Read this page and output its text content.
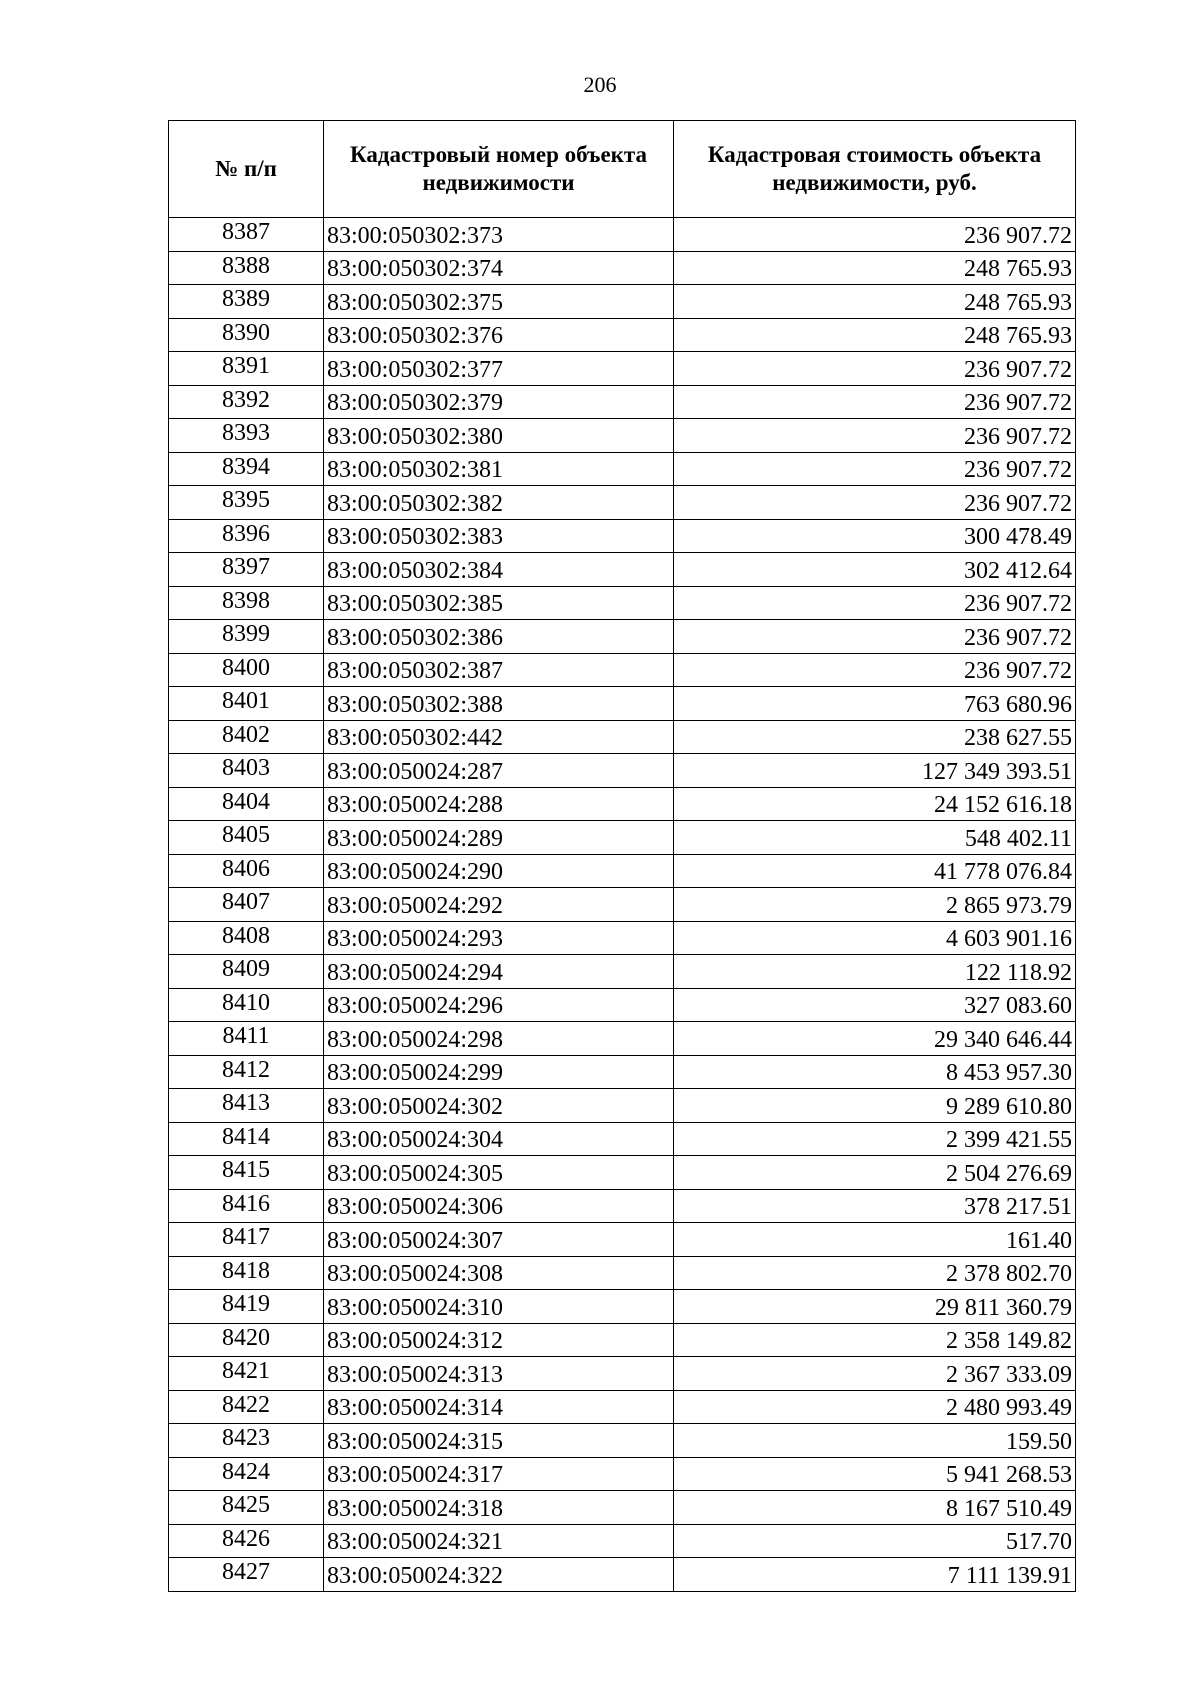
206
№ п/п	Кадастровый номер объекта недвижимости	Кадастровая стоимость объекта недвижимости, руб.
8387	83:00:050302:373	236 907.72
8388	83:00:050302:374	248 765.93
8389	83:00:050302:375	248 765.93
8390	83:00:050302:376	248 765.93
8391	83:00:050302:377	236 907.72
8392	83:00:050302:379	236 907.72
8393	83:00:050302:380	236 907.72
8394	83:00:050302:381	236 907.72
8395	83:00:050302:382	236 907.72
8396	83:00:050302:383	300 478.49
8397	83:00:050302:384	302 412.64
8398	83:00:050302:385	236 907.72
8399	83:00:050302:386	236 907.72
8400	83:00:050302:387	236 907.72
8401	83:00:050302:388	763 680.96
8402	83:00:050302:442	238 627.55
8403	83:00:050024:287	127 349 393.51
8404	83:00:050024:288	24 152 616.18
8405	83:00:050024:289	548 402.11
8406	83:00:050024:290	41 778 076.84
8407	83:00:050024:292	2 865 973.79
8408	83:00:050024:293	4 603 901.16
8409	83:00:050024:294	122 118.92
8410	83:00:050024:296	327 083.60
8411	83:00:050024:298	29 340 646.44
8412	83:00:050024:299	8 453 957.30
8413	83:00:050024:302	9 289 610.80
8414	83:00:050024:304	2 399 421.55
8415	83:00:050024:305	2 504 276.69
8416	83:00:050024:306	378 217.51
8417	83:00:050024:307	161.40
8418	83:00:050024:308	2 378 802.70
8419	83:00:050024:310	29 811 360.79
8420	83:00:050024:312	2 358 149.82
8421	83:00:050024:313	2 367 333.09
8422	83:00:050024:314	2 480 993.49
8423	83:00:050024:315	159.50
8424	83:00:050024:317	5 941 268.53
8425	83:00:050024:318	8 167 510.49
8426	83:00:050024:321	517.70
8427	83:00:050024:322	7 111 139.91
